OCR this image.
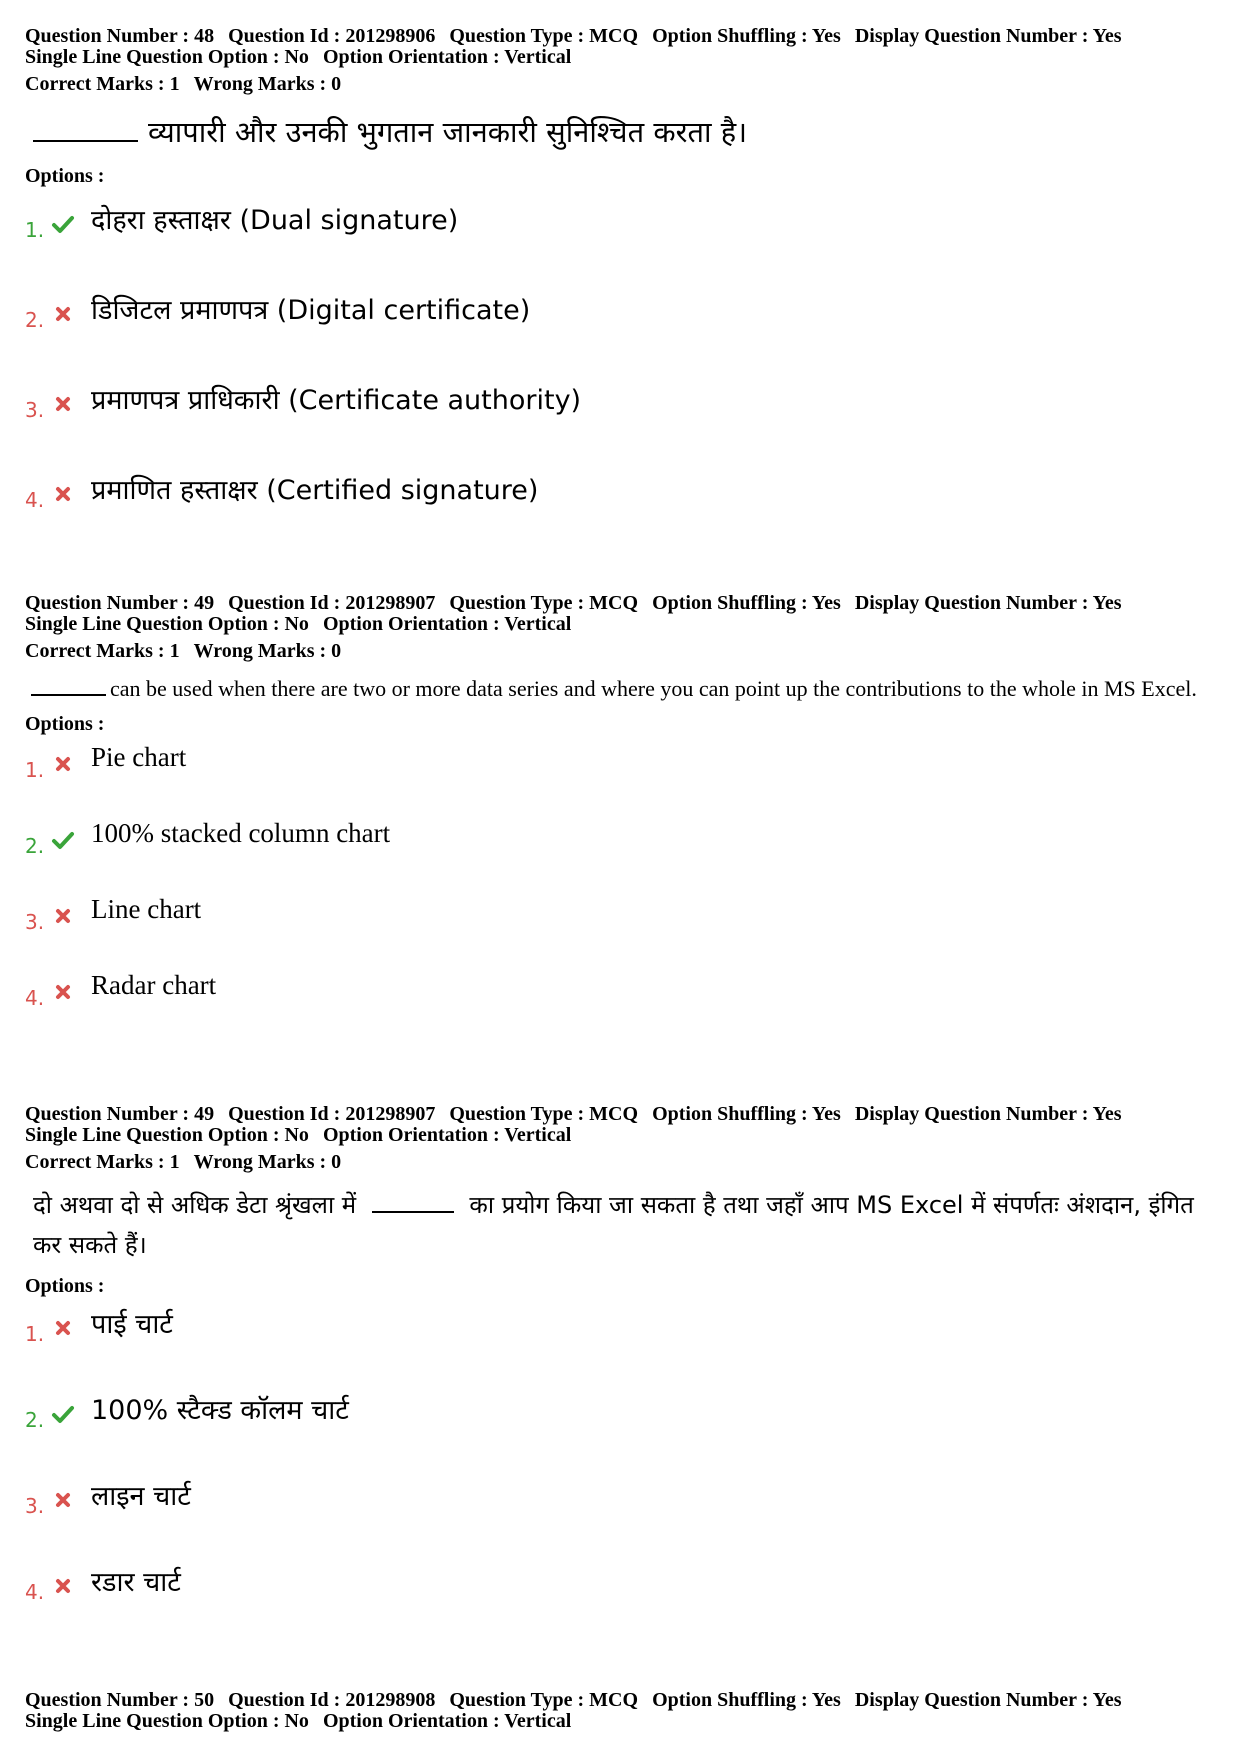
Question Number : 48 Question Id : 201298906 Question Type : MCQ Option Shuffling : Yes Display Question Number : Yes

Single Line Question Option : No Option Orientation : Vertical

Correct Marks : 1 Wrong Marks : 0

व्यापारी और उनकी भुगतान जानकारी सुनिश्चित करता है।

Options :

1. दोहरा हस्ताक्षर (Dual signature)
2. डिजिटल प्रमाणपत्र (Digital certificate)
3. प्रमाणपत्र प्राधिकारी (Certificate authority)
4. प्रमाणित हस्ताक्षर (Certified signature)

Question Number : 49 Question Id : 201298907 Question Type : MCQ Option Shuffling : Yes Display Question Number : Yes

Single Line Question Option : No Option Orientation : Vertical

Correct Marks : 1 Wrong Marks : 0

can be used when there are two or more data series and where you can point up the contributions to the whole in MS Excel.

Options :

1. Pie chart
2. 100% stacked column chart
3. Line chart
4. Radar chart

Question Number : 49 Question Id : 201298907 Question Type : MCQ Option Shuffling : Yes Display Question Number : Yes

Single Line Question Option : No Option Orientation : Vertical

Correct Marks : 1 Wrong Marks : 0

दो अथवा दो से अधिक डेटा श्रृंखला में	का प्रयोग किया जा सकता है तथा जहाँ आप MS Excel में संपर्णतः अंशदान, इंगित कर सकते हैं।

Options :

1. पाई चार्ट
2. 100% स्टैक्ड कॉलम चार्ट
3. लाइन चार्ट
4. रडार चार्ट

Question Number : 50 Question Id : 201298908 Question Type : MCQ Option Shuffling : Yes Display Question Number : Yes

Single Line Question Option : No Option Orientation : Vertical
